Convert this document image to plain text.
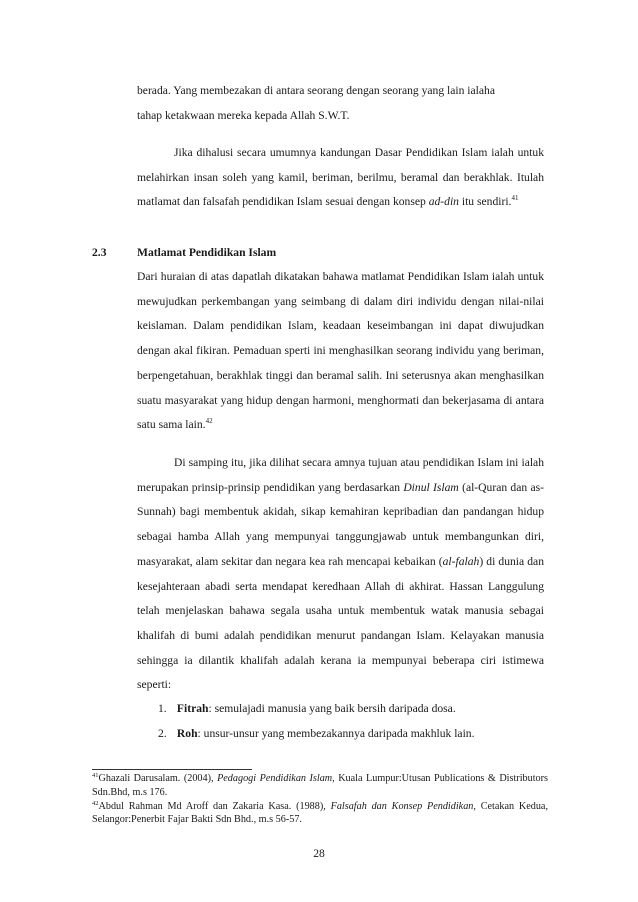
berada. Yang membezakan di antara seorang dengan seorang yang lain ialaha

tahap ketakwaan mereka kepada Allah S.W.T.

Jika dihalusi secara umumnya kandungan Dasar Pendidikan Islam ialah untuk melahirkan insan soleh yang kamil, beriman, berilmu, beramal dan berakhlak. Itulah matlamat dan falsafah pendidikan Islam sesuai dengan konsep ad-din itu sendiri.$^{41}$

2.3	Matlamat Pendidikan Islam

Dari huraian di atas dapatlah dikatakan bahawa matlamat Pendidikan Islam ialah untuk mewujudkan perkembangan yang seimbang di dalam diri individu dengan nilai-nilai keislaman. Dalam pendidikan Islam, keadaan keseimbangan ini dapat diwujudkan dengan akal fikiran. Pemaduan sperti ini menghasilkan seorang individu yang beriman, berpengetahuan, berakhlak tinggi dan beramal salih. Ini seterusnya akan menghasilkan suatu masyarakat yang hidup dengan harmoni, menghormati dan bekerjasama di antara satu sama lain.$^{42}$

Di samping itu, jika dilihat secara amnya tujuan atau pendidikan Islam ini ialah merupakan prinsip-prinsip pendidikan yang berdasarkan Dinul Islam (al-Quran dan as-Sunnah) bagi membentuk akidah, sikap kemahiran kepribadian dan pandangan hidup sebagai hamba Allah yang mempunyai tanggungjawab untuk membangunkan diri, masyarakat, alam sekitar dan negara kea rah mencapai kebaikan (al-falah) di dunia dan kesejahteraan abadi serta mendapat keredhaan Allah di akhirat. Hassan Langgulung telah menjelaskan bahawa segala usaha untuk membentuk watak manusia sebagai khalifah di bumi adalah pendidikan menurut pandangan Islam. Kelayakan manusia sehingga ia dilantik khalifah adalah kerana ia mempunyai beberapa ciri istimewa seperti:

1. Fitrah: semulajadi manusia yang baik bersih daripada dosa.
2. Roh: unsur-unsur yang membezakannya daripada makhluk lain.

$^{41}$Ghazali Darusalam. (2004), Pedagogi Pendidikan Islam, Kuala Lumpur:Utusan Publications & Distributors Sdn.Bhd, m.s 176.

$^{42}$Abdul Rahman Md Aroff dan Zakaria Kasa. (1988), Falsafah dan Konsep Pendidikan, Cetakan Kedua, Selangor:Penerbit Fajar Bakti Sdn Bhd., m.s 56-57.

28
